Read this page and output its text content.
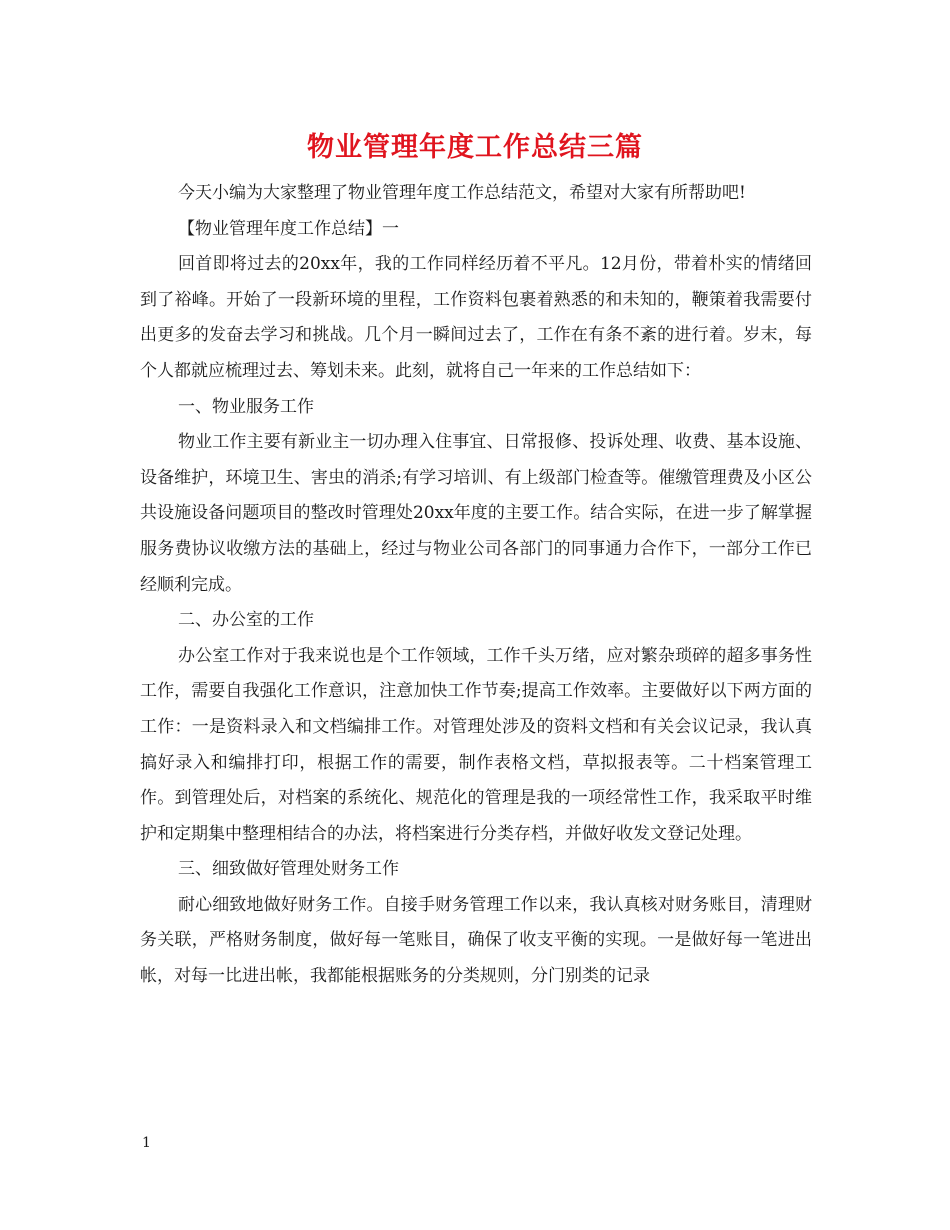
物业管理年度工作总结三篇

今天小编为大家整理了物业管理年度工作总结范文，希望对大家有所帮助吧!

【物业管理年度工作总结】一

回首即将过去的20xx年，我的工作同样经历着不平凡。12月份，带着朴实的情绪回到了裕峰。开始了一段新环境的里程，工作资料包裹着熟悉的和未知的，鞭策着我需要付出更多的发奋去学习和挑战。几个月一瞬间过去了，工作在有条不紊的进行着。岁末，每个人都就应梳理过去、筹划未来。此刻，就将自己一年来的工作总结如下：

一、物业服务工作

物业工作主要有新业主一切办理入住事宜、日常报修、投诉处理、收费、基本设施、设备维护，环境卫生、害虫的消杀;有学习培训、有上级部门检查等。催缴管理费及小区公共设施设备问题项目的整改时管理处20xx年度的主要工作。结合实际，在进一步了解掌握服务费协议收缴方法的基础上，经过与物业公司各部门的同事通力合作下，一部分工作已经顺利完成。

二、办公室的工作

办公室工作对于我来说也是个工作领域，工作千头万绪，应对繁杂琐碎的超多事务性工作，需要自我强化工作意识，注意加快工作节奏;提高工作效率。主要做好以下两方面的工作：一是资料录入和文档编排工作。对管理处涉及的资料文档和有关会议记录，我认真搞好录入和编排打印，根据工作的需要，制作表格文档，草拟报表等。二十档案管理工作。到管理处后，对档案的系统化、规范化的管理是我的一项经常性工作，我采取平时维护和定期集中整理相结合的办法，将档案进行分类存档，并做好收发文登记处理。

三、细致做好管理处财务工作

耐心细致地做好财务工作。自接手财务管理工作以来，我认真核对财务账目，清理财务关联，严格财务制度，做好每一笔账目，确保了收支平衡的实现。一是做好每一笔进出帐，对每一比进出帐，我都能根据账务的分类规则，分门别类的记录

1
